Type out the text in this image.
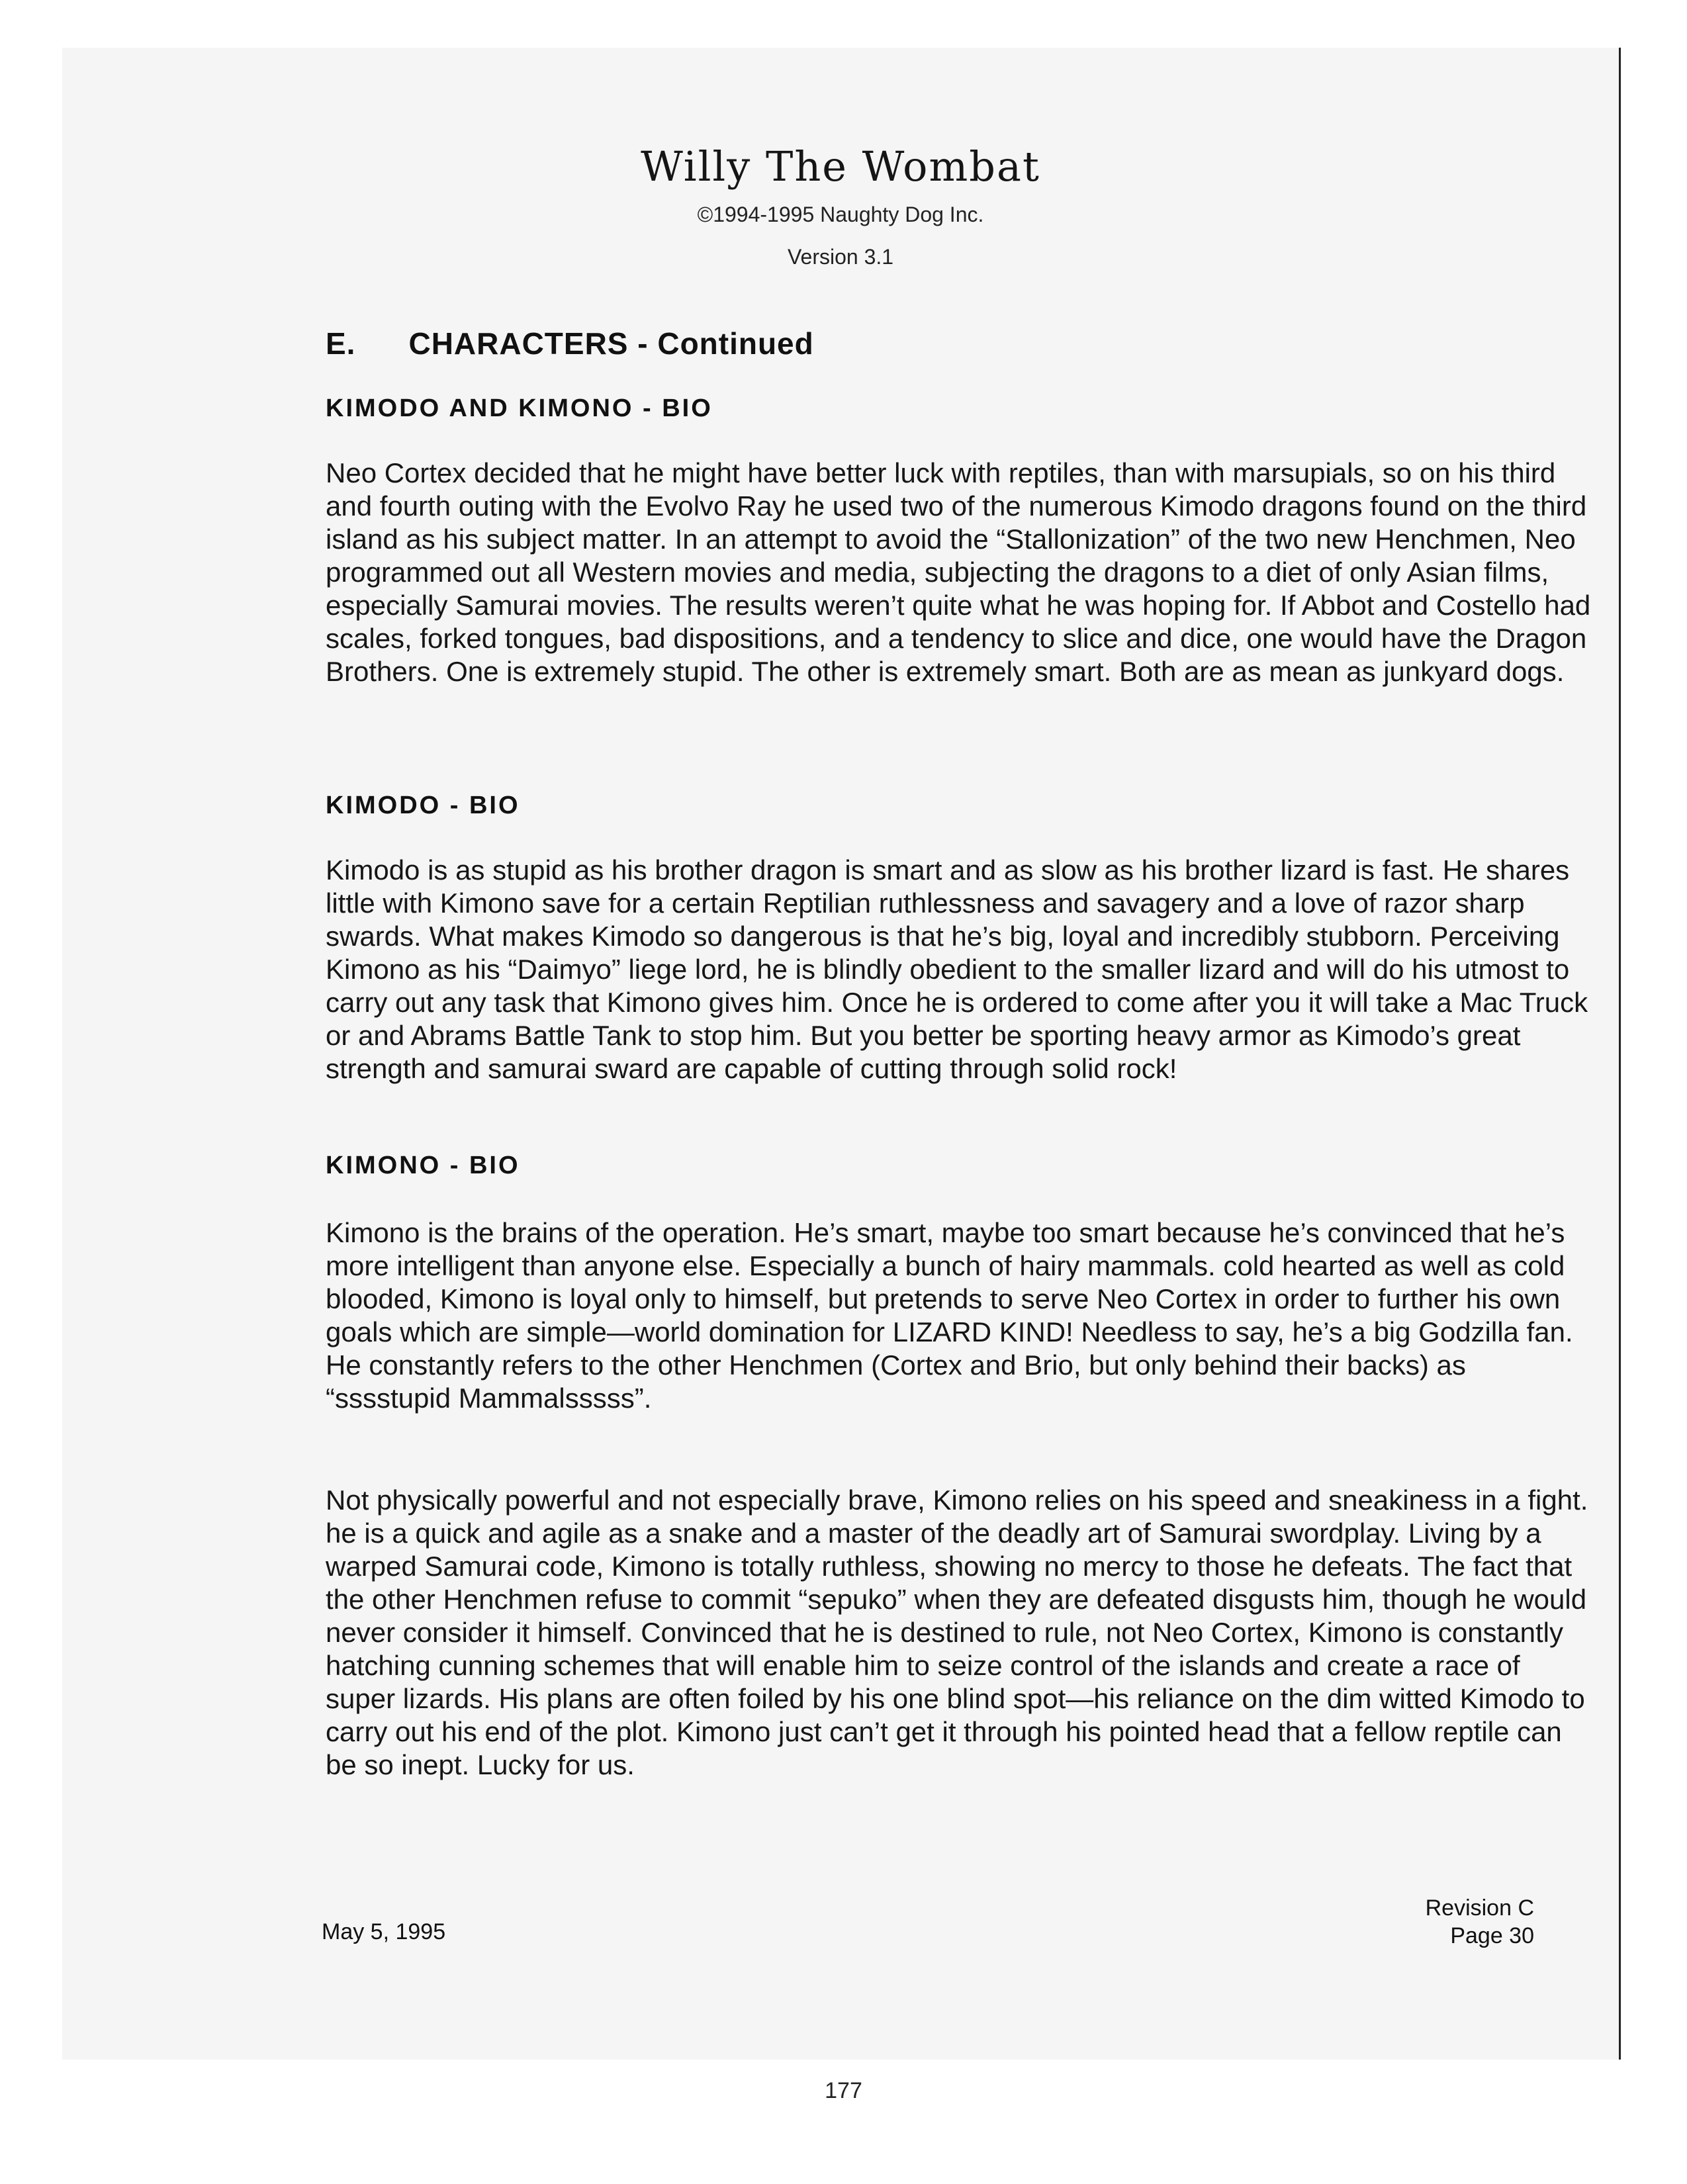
Willy The Wombat
©1994-1995 Naughty Dog Inc.
Version 3.1
E. CHARACTERS - Continued
KIMODO AND KIMONO - BIO

Neo Cortex decided that he might have better luck with reptiles, than with marsupials, so on his third and fourth outing with the Evolvo Ray he used two of the numerous Kimodo dragons found on the third island as his subject matter. In an attempt to avoid the “Stallonization” of the two new Henchmen, Neo programmed out all Western movies and media, subjecting the dragons to a diet of only Asian films, especially Samurai movies. The results weren’t quite what he was hoping for. If Abbot and Costello had scales, forked tongues, bad dispositions, and a tendency to slice and dice, one would have the Dragon Brothers. One is extremely stupid. The other is extremely smart. Both are as mean as junkyard dogs.

KIMODO - BIO

Kimodo is as stupid as his brother dragon is smart and as slow as his brother lizard is fast. He shares little with Kimono save for a certain Reptilian ruthlessness and savagery and a love of razor sharp swards. What makes Kimodo so dangerous is that he’s big, loyal and incredibly stubborn. Perceiving Kimono as his “Daimyo” liege lord, he is blindly obedient to the smaller lizard and will do his utmost to carry out any task that Kimono gives him. Once he is ordered to come after you it will take a Mac Truck or and Abrams Battle Tank to stop him. But you better be sporting heavy armor as Kimodo’s great strength and samurai sward are capable of cutting through solid rock!

KIMONO - BIO

Kimono is the brains of the operation. He’s smart, maybe too smart because he’s convinced that he’s more intelligent than anyone else. Especially a bunch of hairy mammals. cold hearted as well as cold blooded, Kimono is loyal only to himself, but pretends to serve Neo Cortex in order to further his own goals which are simple—world domination for LIZARD KIND! Needless to say, he’s a big Godzilla fan. He constantly refers to the other Henchmen (Cortex and Brio, but only behind their backs) as “sssstupid Mammalsssss”.

Not physically powerful and not especially brave, Kimono relies on his speed and sneakiness in a fight. he is a quick and agile as a snake and a master of the deadly art of Samurai swordplay. Living by a warped Samurai code, Kimono is totally ruthless, showing no mercy to those he defeats. The fact that the other Henchmen refuse to commit “sepuko” when they are defeated disgusts him, though he would never consider it himself. Convinced that he is destined to rule, not Neo Cortex, Kimono is constantly hatching cunning schemes that will enable him to seize control of the islands and create a race of super lizards. His plans are often foiled by his one blind spot—his reliance on the dim witted Kimodo to carry out his end of the plot. Kimono just can’t get it through his pointed head that a fellow reptile can be so inept. Lucky for us.

May 5, 1995
Revision C
Page 30
177
